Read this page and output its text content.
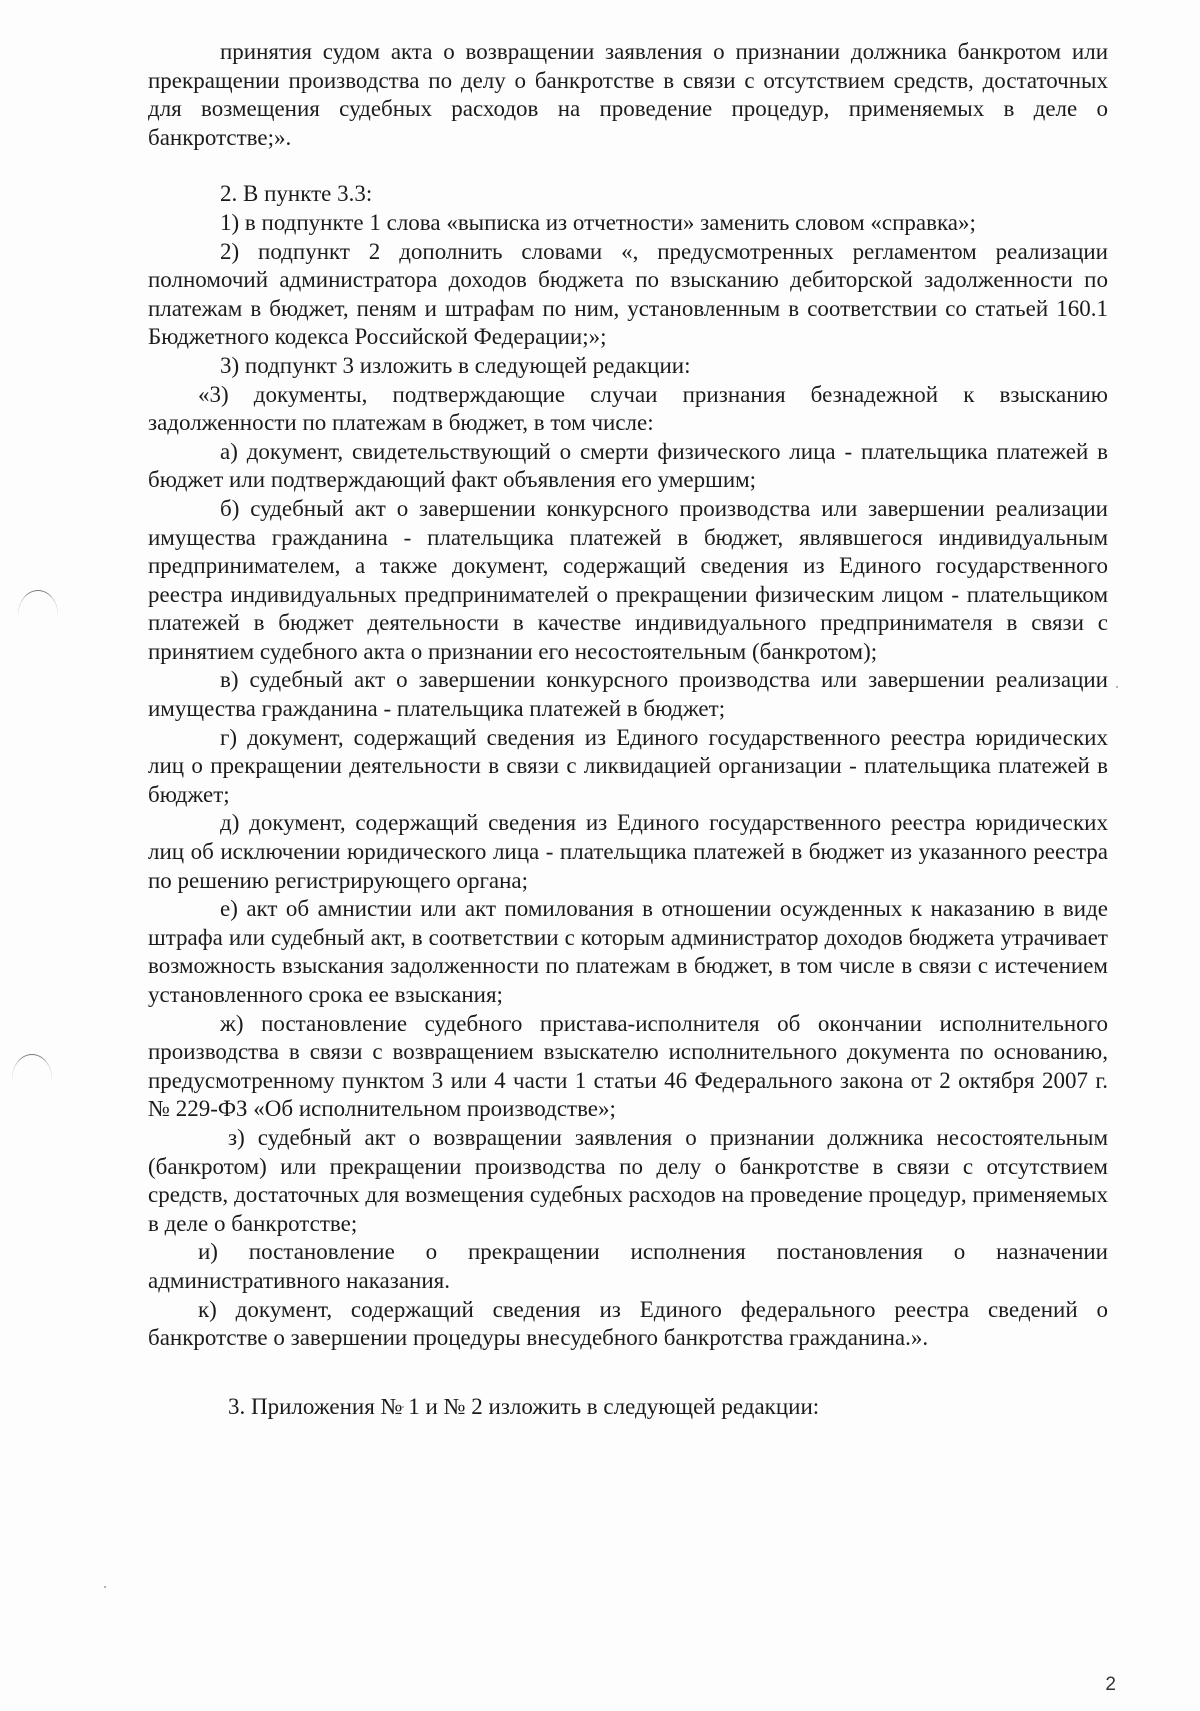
принятия судом акта о возвращении заявления о признании должника банкротом или прекращении производства по делу о банкротстве в связи с отсутствием средств, достаточных для возмещения судебных расходов на проведение процедур, применяемых в деле о банкротстве;».

2. В пункте 3.3:

1) в подпункте 1 слова «выписка из отчетности» заменить словом «справка»;

2) подпункт 2 дополнить словами «, предусмотренных регламентом реализации полномочий администратора доходов бюджета по взысканию дебиторской задолженности по платежам в бюджет, пеням и штрафам по ним, установленным в соответствии со статьей 160.1 Бюджетного кодекса Российской Федерации;»;

3) подпункт 3 изложить в следующей редакции:

«3) документы, подтверждающие случаи признания безнадежной к взысканию задолженности по платежам в бюджет, в том числе:

а) документ, свидетельствующий о смерти физического лица - плательщика платежей в бюджет или подтверждающий факт объявления его умершим;

б) судебный акт о завершении конкурсного производства или завершении реализации имущества гражданина - плательщика платежей в бюджет, являвшегося индивидуальным предпринимателем, а также документ, содержащий сведения из Единого государственного реестра индивидуальных предпринимателей о прекращении физическим лицом - плательщиком платежей в бюджет деятельности в качестве индивидуального предпринимателя в связи с принятием судебного акта о признании его несостоятельным (банкротом);

в) судебный акт о завершении конкурсного производства или завершении реализации имущества гражданина - плательщика платежей в бюджет;

г) документ, содержащий сведения из Единого государственного реестра юридических лиц о прекращении деятельности в связи с ликвидацией организации - плательщика платежей в бюджет;

д) документ, содержащий сведения из Единого государственного реестра юридических лиц об исключении юридического лица - плательщика платежей в бюджет из указанного реестра по решению регистрирующего органа;

е) акт об амнистии или акт помилования в отношении осужденных к наказанию в виде штрафа или судебный акт, в соответствии с которым администратор доходов бюджета утрачивает возможность взыскания задолженности по платежам в бюджет, в том числе в связи с истечением установленного срока ее взыскания;

ж) постановление судебного пристава-исполнителя об окончании исполнительного производства в связи с возвращением взыскателю исполнительного документа по основанию, предусмотренному пунктом 3 или 4 части 1 статьи 46 Федерального закона от 2 октября 2007 г. № 229-ФЗ «Об исполнительном производстве»;

з) судебный акт о возвращении заявления о признании должника несостоятельным (банкротом) или прекращении производства по делу о банкротстве в связи с отсутствием средств, достаточных для возмещения судебных расходов на проведение процедур, применяемых в деле о банкротстве;

и) постановление о прекращении исполнения постановления о назначении административного наказания.

к) документ, содержащий сведения из Единого федерального реестра сведений о банкротстве о завершении процедуры внесудебного банкротства гражданина.».

3. Приложения № 1 и № 2 изложить в следующей редакции:

2
